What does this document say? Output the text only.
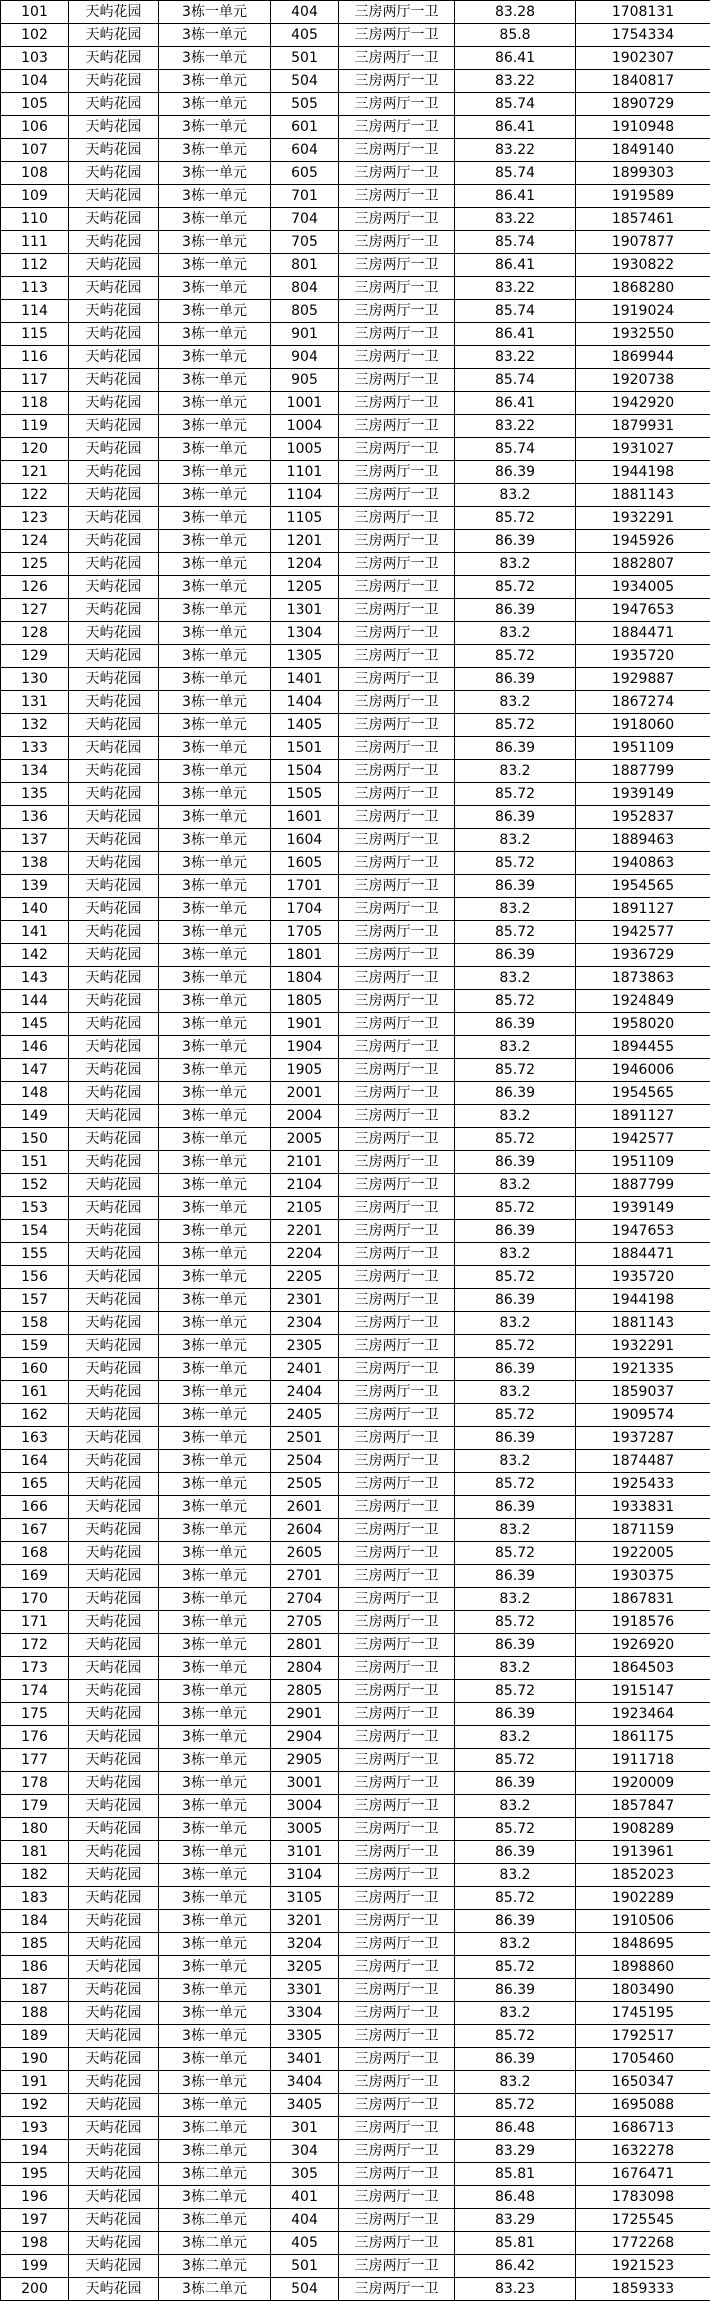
101	天屿花园	3栋一单元	404	三房两厅一卫	83.28	1708131
102	天屿花园	3栋一单元	405	三房两厅一卫	85.8	1754334
103	天屿花园	3栋一单元	501	三房两厅一卫	86.41	1902307
104	天屿花园	3栋一单元	504	三房两厅一卫	83.22	1840817
105	天屿花园	3栋一单元	505	三房两厅一卫	85.74	1890729
106	天屿花园	3栋一单元	601	三房两厅一卫	86.41	1910948
107	天屿花园	3栋一单元	604	三房两厅一卫	83.22	1849140
108	天屿花园	3栋一单元	605	三房两厅一卫	85.74	1899303
109	天屿花园	3栋一单元	701	三房两厅一卫	86.41	1919589
110	天屿花园	3栋一单元	704	三房两厅一卫	83.22	1857461
111	天屿花园	3栋一单元	705	三房两厅一卫	85.74	1907877
112	天屿花园	3栋一单元	801	三房两厅一卫	86.41	1930822
113	天屿花园	3栋一单元	804	三房两厅一卫	83.22	1868280
114	天屿花园	3栋一单元	805	三房两厅一卫	85.74	1919024
115	天屿花园	3栋一单元	901	三房两厅一卫	86.41	1932550
116	天屿花园	3栋一单元	904	三房两厅一卫	83.22	1869944
117	天屿花园	3栋一单元	905	三房两厅一卫	85.74	1920738
118	天屿花园	3栋一单元	1001	三房两厅一卫	86.41	1942920
119	天屿花园	3栋一单元	1004	三房两厅一卫	83.22	1879931
120	天屿花园	3栋一单元	1005	三房两厅一卫	85.74	1931027
121	天屿花园	3栋一单元	1101	三房两厅一卫	86.39	1944198
122	天屿花园	3栋一单元	1104	三房两厅一卫	83.2	1881143
123	天屿花园	3栋一单元	1105	三房两厅一卫	85.72	1932291
124	天屿花园	3栋一单元	1201	三房两厅一卫	86.39	1945926
125	天屿花园	3栋一单元	1204	三房两厅一卫	83.2	1882807
126	天屿花园	3栋一单元	1205	三房两厅一卫	85.72	1934005
127	天屿花园	3栋一单元	1301	三房两厅一卫	86.39	1947653
128	天屿花园	3栋一单元	1304	三房两厅一卫	83.2	1884471
129	天屿花园	3栋一单元	1305	三房两厅一卫	85.72	1935720
130	天屿花园	3栋一单元	1401	三房两厅一卫	86.39	1929887
131	天屿花园	3栋一单元	1404	三房两厅一卫	83.2	1867274
132	天屿花园	3栋一单元	1405	三房两厅一卫	85.72	1918060
133	天屿花园	3栋一单元	1501	三房两厅一卫	86.39	1951109
134	天屿花园	3栋一单元	1504	三房两厅一卫	83.2	1887799
135	天屿花园	3栋一单元	1505	三房两厅一卫	85.72	1939149
136	天屿花园	3栋一单元	1601	三房两厅一卫	86.39	1952837
137	天屿花园	3栋一单元	1604	三房两厅一卫	83.2	1889463
138	天屿花园	3栋一单元	1605	三房两厅一卫	85.72	1940863
139	天屿花园	3栋一单元	1701	三房两厅一卫	86.39	1954565
140	天屿花园	3栋一单元	1704	三房两厅一卫	83.2	1891127
141	天屿花园	3栋一单元	1705	三房两厅一卫	85.72	1942577
142	天屿花园	3栋一单元	1801	三房两厅一卫	86.39	1936729
143	天屿花园	3栋一单元	1804	三房两厅一卫	83.2	1873863
144	天屿花园	3栋一单元	1805	三房两厅一卫	85.72	1924849
145	天屿花园	3栋一单元	1901	三房两厅一卫	86.39	1958020
146	天屿花园	3栋一单元	1904	三房两厅一卫	83.2	1894455
147	天屿花园	3栋一单元	1905	三房两厅一卫	85.72	1946006
148	天屿花园	3栋一单元	2001	三房两厅一卫	86.39	1954565
149	天屿花园	3栋一单元	2004	三房两厅一卫	83.2	1891127
150	天屿花园	3栋一单元	2005	三房两厅一卫	85.72	1942577
151	天屿花园	3栋一单元	2101	三房两厅一卫	86.39	1951109
152	天屿花园	3栋一单元	2104	三房两厅一卫	83.2	1887799
153	天屿花园	3栋一单元	2105	三房两厅一卫	85.72	1939149
154	天屿花园	3栋一单元	2201	三房两厅一卫	86.39	1947653
155	天屿花园	3栋一单元	2204	三房两厅一卫	83.2	1884471
156	天屿花园	3栋一单元	2205	三房两厅一卫	85.72	1935720
157	天屿花园	3栋一单元	2301	三房两厅一卫	86.39	1944198
158	天屿花园	3栋一单元	2304	三房两厅一卫	83.2	1881143
159	天屿花园	3栋一单元	2305	三房两厅一卫	85.72	1932291
160	天屿花园	3栋一单元	2401	三房两厅一卫	86.39	1921335
161	天屿花园	3栋一单元	2404	三房两厅一卫	83.2	1859037
162	天屿花园	3栋一单元	2405	三房两厅一卫	85.72	1909574
163	天屿花园	3栋一单元	2501	三房两厅一卫	86.39	1937287
164	天屿花园	3栋一单元	2504	三房两厅一卫	83.2	1874487
165	天屿花园	3栋一单元	2505	三房两厅一卫	85.72	1925433
166	天屿花园	3栋一单元	2601	三房两厅一卫	86.39	1933831
167	天屿花园	3栋一单元	2604	三房两厅一卫	83.2	1871159
168	天屿花园	3栋一单元	2605	三房两厅一卫	85.72	1922005
169	天屿花园	3栋一单元	2701	三房两厅一卫	86.39	1930375
170	天屿花园	3栋一单元	2704	三房两厅一卫	83.2	1867831
171	天屿花园	3栋一单元	2705	三房两厅一卫	85.72	1918576
172	天屿花园	3栋一单元	2801	三房两厅一卫	86.39	1926920
173	天屿花园	3栋一单元	2804	三房两厅一卫	83.2	1864503
174	天屿花园	3栋一单元	2805	三房两厅一卫	85.72	1915147
175	天屿花园	3栋一单元	2901	三房两厅一卫	86.39	1923464
176	天屿花园	3栋一单元	2904	三房两厅一卫	83.2	1861175
177	天屿花园	3栋一单元	2905	三房两厅一卫	85.72	1911718
178	天屿花园	3栋一单元	3001	三房两厅一卫	86.39	1920009
179	天屿花园	3栋一单元	3004	三房两厅一卫	83.2	1857847
180	天屿花园	3栋一单元	3005	三房两厅一卫	85.72	1908289
181	天屿花园	3栋一单元	3101	三房两厅一卫	86.39	1913961
182	天屿花园	3栋一单元	3104	三房两厅一卫	83.2	1852023
183	天屿花园	3栋一单元	3105	三房两厅一卫	85.72	1902289
184	天屿花园	3栋一单元	3201	三房两厅一卫	86.39	1910506
185	天屿花园	3栋一单元	3204	三房两厅一卫	83.2	1848695
186	天屿花园	3栋一单元	3205	三房两厅一卫	85.72	1898860
187	天屿花园	3栋一单元	3301	三房两厅一卫	86.39	1803490
188	天屿花园	3栋一单元	3304	三房两厅一卫	83.2	1745195
189	天屿花园	3栋一单元	3305	三房两厅一卫	85.72	1792517
190	天屿花园	3栋一单元	3401	三房两厅一卫	86.39	1705460
191	天屿花园	3栋一单元	3404	三房两厅一卫	83.2	1650347
192	天屿花园	3栋一单元	3405	三房两厅一卫	85.72	1695088
193	天屿花园	3栋二单元	301	三房两厅一卫	86.48	1686713
194	天屿花园	3栋二单元	304	三房两厅一卫	83.29	1632278
195	天屿花园	3栋二单元	305	三房两厅一卫	85.81	1676471
196	天屿花园	3栋二单元	401	三房两厅一卫	86.48	1783098
197	天屿花园	3栋二单元	404	三房两厅一卫	83.29	1725545
198	天屿花园	3栋二单元	405	三房两厅一卫	85.81	1772268
199	天屿花园	3栋二单元	501	三房两厅一卫	86.42	1921523
200	天屿花园	3栋二单元	504	三房两厅一卫	83.23	1859333
